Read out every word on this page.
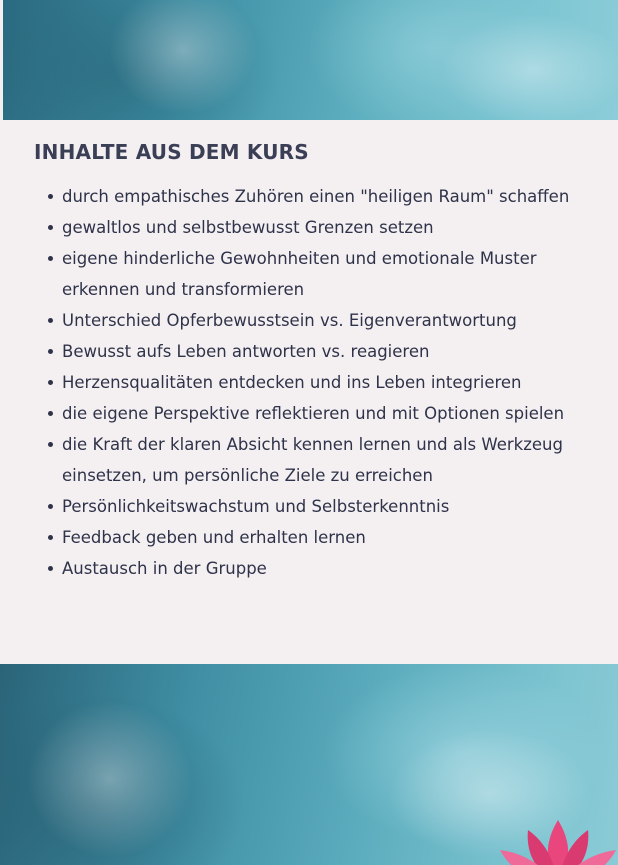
INHALTE AUS DEM KURS
durch empathisches Zuhören einen "heiligen Raum" schaffen
gewaltlos und selbstbewusst Grenzen setzen
eigene hinderliche Gewohnheiten und emotionale Muster erkennen und transformieren
Unterschied Opferbewusstsein vs. Eigenverantwortung
Bewusst aufs Leben antworten vs. reagieren
Herzensqualitäten entdecken und ins Leben integrieren
die eigene Perspektive reflektieren und mit Optionen spielen
die Kraft der klaren Absicht kennen lernen und als Werkzeug einsetzen, um persönliche Ziele zu erreichen
Persönlichkeitswachstum und Selbsterkenntnis
Feedback geben und erhalten lernen
Austausch in der Gruppe
